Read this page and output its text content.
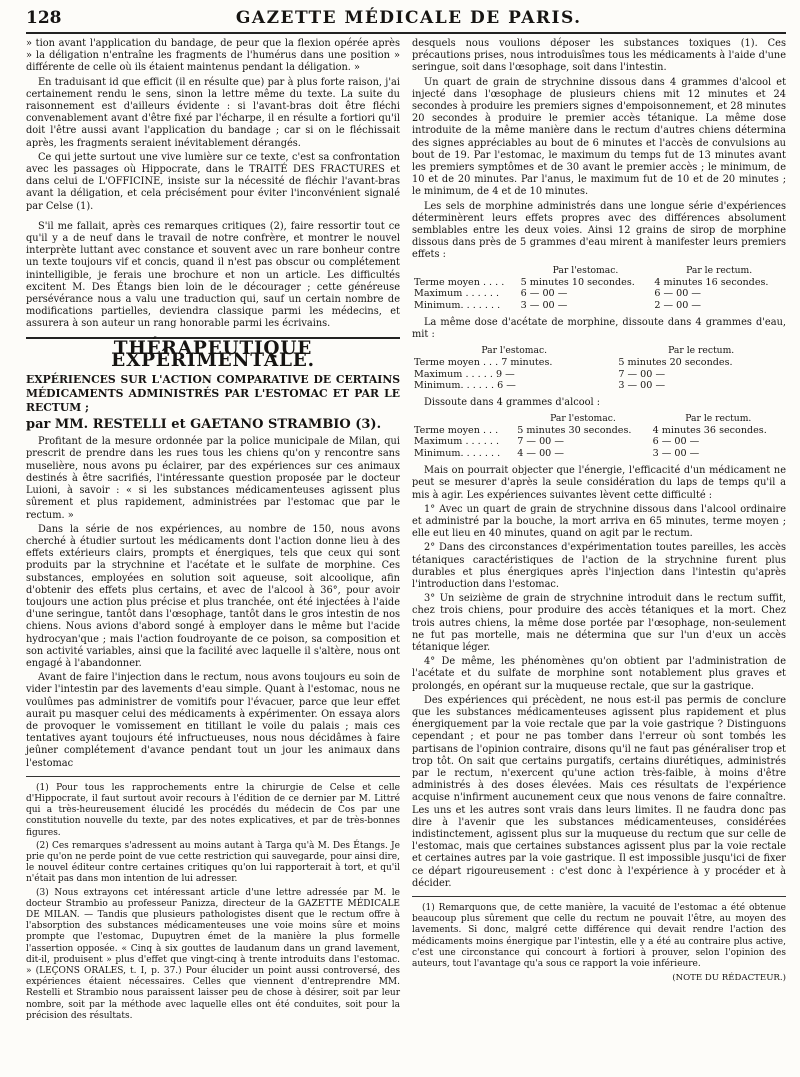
128	GAZETTE MÉDICALE DE PARIS.

» tion avant l'application du bandage, de peur que la flexion opérée après » la déligation n'entraîne les fragments de l'humérus dans une position » différente de celle où ils étaient maintenus pendant la déligation. »

En traduisant id que efficit (il en résulte que) par à plus forte raison, j'ai certainement rendu le sens, sinon la lettre même du texte. La suite du raisonnement est d'ailleurs évidente : si l'avant-bras doit être fléchi convenablement avant d'être fixé par l'écharpe, il en résulte a fortiori qu'il doit l'être aussi avant l'application du bandage ; car si on le fléchissait après, les fragments seraient inévitablement dérangés.

Ce qui jette surtout une vive lumière sur ce texte, c'est sa confrontation avec les passages où Hippocrate, dans le TRAITÉ DES FRACTURES et dans celui de L'OFFICINE, insiste sur la nécessité de fléchir l'avant-bras avant la déligation, et cela précisément pour éviter l'inconvénient signalé par Celse (1).

S'il me fallait, après ces remarques critiques (2), faire ressortir tout ce qu'il y a de neuf dans le travail de notre confrère, et montrer le nouvel interprète luttant avec constance et souvent avec un rare bonheur contre un texte toujours vif et concis, quand il n'est pas obscur ou complétement inintelligible, je ferais une brochure et non un article. Les difficultés excitent M. Des Étangs bien loin de le décourager ; cette généreuse persévérance nous a valu une traduction qui, sauf un certain nombre de modifications partielles, deviendra classique parmi les médecins, et assurera à son auteur un rang honorable parmi les écrivains.

THÉRAPEUTIQUE EXPÉRIMENTALE.
EXPÉRIENCES SUR L'ACTION COMPARATIVE DE CERTAINS MÉDICAMENTS ADMINISTRÉS PAR L'ESTOMAC ET PAR LE RECTUM ;
par MM. RESTELLI et GAETANO STRAMBIO (3).

Profitant de la mesure ordonnée par la police municipale de Milan, qui prescrit de prendre dans les rues tous les chiens qu'on y rencontre sans muselière, nous avons pu éclairer, par des expériences sur ces animaux destinés à être sacrifiés, l'intéressante question proposée par le docteur Luioni, à savoir : « si les substances médicamenteuses agissent plus sûrement et plus rapidement, administrées par l'estomac que par le rectum. »

Dans la série de nos expériences, au nombre de 150, nous avons cherché à étudier surtout les médicaments dont l'action donne lieu à des effets extérieurs clairs, prompts et énergiques, tels que ceux qui sont produits par la strychnine et l'acétate et le sulfate de morphine. Ces substances, employées en solution soit aqueuse, soit alcoolique, afin d'obtenir des effets plus certains, et avec de l'alcool à 36°, pour avoir toujours une action plus précise et plus tranchée, ont été injectées à l'aide d'une seringue, tantôt dans l'œsophage, tantôt dans le gros intestin de nos chiens. Nous avions d'abord songé à employer dans le même but l'acide hydrocyan'que ; mais l'action foudroyante de ce poison, sa composition et son activité variables, ainsi que la facilité avec laquelle il s'altère, nous ont engagé à l'abandonner.

Avant de faire l'injection dans le rectum, nous avons toujours eu soin de vider l'intestin par des lavements d'eau simple. Quant à l'estomac, nous ne voulûmes pas administrer de vomitifs pour l'évacuer, parce que leur effet aurait pu masquer celui des médicaments à expérimenter. On essaya alors de provoquer le vomissement en titillant le voile du palais ; mais ces tentatives ayant toujours été infructueuses, nous nous décidâmes à faire jeûner complétement d'avance pendant tout un jour les animaux dans l'estomac

(1) Pour tous les rapprochements entre la chirurgie de Celse et celle d'Hippocrate, il faut surtout avoir recours à l'édition de ce dernier par M. Littré qui a très-heureusement élucidé les procédés du médecin de Cos par une constitution nouvelle du texte, par des notes explicatives, et par de très-bonnes figures.

(2) Ces remarques s'adressent au moins autant à Targa qu'à M. Des Étangs. Je prie qu'on ne perde point de vue cette restriction qui sauvegarde, pour ainsi dire, le nouvel éditeur contre certaines critiques qu'on lui rapporterait à tort, et qu'il n'était pas dans mon intention de lui adresser.

(3) Nous extrayons cet intéressant article d'une lettre adressée par M. le docteur Strambio au professeur Panizza, directeur de la GAZETTE MÉDICALE DE MILAN. — Tandis que plusieurs pathologistes disent que le rectum offre à l'absorption des substances médicamenteuses une voie moins sûre et moins prompte que l'estomac, Dupuytren émet de la manière la plus formelle l'assertion opposée. « Cinq à six gouttes de laudanum dans un grand lavement, dit-il, produisent » plus d'effet que vingt-cinq à trente introduits dans l'estomac. » (LEÇONS ORALES, t. I, p. 37.) Pour élucider un point aussi controversé, des expériences étaient nécessaires. Celles que viennent d'entreprendre MM. Restelli et Strambio nous paraissent laisser peu de chose à désirer, soit par leur nombre, soit par la méthode avec laquelle elles ont été conduites, soit pour la précision des résultats.

desquels nous voulions déposer les substances toxiques (1). Ces précautions prises, nous introduisîmes tous les médicaments à l'aide d'une seringue, soit dans l'œsophage, soit dans l'intestin.

Un quart de grain de strychnine dissous dans 4 grammes d'alcool et injecté dans l'œsophage de plusieurs chiens mit 12 minutes et 24 secondes à produire les premiers signes d'empoisonnement, et 28 minutes 20 secondes à produire le premier accès tétanique. La même dose introduite de la même manière dans le rectum d'autres chiens détermina des signes appréciables au bout de 6 minutes et l'accès de convulsions au bout de 19. Par l'estomac, le maximum du temps fut de 13 minutes avant les premiers symptômes et de 30 avant le premier accès ; le minimum, de 10 et de 20 minutes. Par l'anus, le maximum fut de 10 et de 20 minutes ; le minimum, de 4 et de 10 minutes.

Les sels de morphine administrés dans une longue série d'expériences déterminèrent leurs effets propres avec des différences absolument semblables entre les deux voies. Ainsi 12 grains de sirop de morphine dissous dans près de 5 grammes d'eau mirent à manifester leurs premiers effets :

	Par l'estomac.	Par le rectum.
Terme moyen . . . .	5 minutes 10 secondes.	4 minutes 16 secondes.
Maximum . . . . . .	6 — 00 —	6 — 00 —
Minimum. . . . . . .	3 — 00 —	2 — 00 —

La même dose d'acétate de morphine, dissoute dans 4 grammes d'eau, mit :

Par l'estomac.	Par le rectum.
Terme moyen . . . 7 minutes.	5 minutes 20 secondes.
Maximum . . . . . 9 —	7 — 00 —
Minimum. . . . . . 6 —	3 — 00 —

Dissoute dans 4 grammes d'alcool :

	Par l'estomac.	Par le rectum.
Terme moyen . . .	5 minutes 30 secondes.	4 minutes 36 secondes.
Maximum . . . . . .	7 — 00 —	6 — 00 —
Minimum. . . . . . .	4 — 00 —	3 — 00 —

Mais on pourrait objecter que l'énergie, l'efficacité d'un médicament ne peut se mesurer d'après la seule considération du laps de temps qu'il a mis à agir. Les expériences suivantes lèvent cette difficulté :

1° Avec un quart de grain de strychnine dissous dans l'alcool ordinaire et administré par la bouche, la mort arriva en 65 minutes, terme moyen ; elle eut lieu en 40 minutes, quand on agit par le rectum.

2° Dans des circonstances d'expérimentation toutes pareilles, les accès tétaniques caractéristiques de l'action de la strychnine furent plus durables et plus énergiques après l'injection dans l'intestin qu'après l'introduction dans l'estomac.

3° Un seizième de grain de strychnine introduit dans le rectum suffit, chez trois chiens, pour produire des accès tétaniques et la mort. Chez trois autres chiens, la même dose portée par l'œsophage, non-seulement ne fut pas mortelle, mais ne détermina que sur l'un d'eux un accès tétanique léger.

4° De même, les phénomènes qu'on obtient par l'administration de l'acétate et du sulfate de morphine sont notablement plus graves et prolongés, en opérant sur la muqueuse rectale, que sur la gastrique.

Des expériences qui précèdent, ne nous est-il pas permis de conclure que les substances médicamenteuses agissent plus rapidement et plus énergiquement par la voie rectale que par la voie gastrique ? Distinguons cependant ; et pour ne pas tomber dans l'erreur où sont tombés les partisans de l'opinion contraire, disons qu'il ne faut pas généraliser trop et trop tôt. On sait que certains purgatifs, certains diurétiques, administrés par le rectum, n'exercent qu'une action très-faible, à moins d'être administrés à des doses élevées. Mais ces résultats de l'expérience acquise n'infirment aucunement ceux que nous venons de faire connaître. Les uns et les autres sont vrais dans leurs limites. Il ne faudra donc pas dire à l'avenir que les substances médicamenteuses, considérées indistinctement, agissent plus sur la muqueuse du rectum que sur celle de l'estomac, mais que certaines substances agissent plus par la voie rectale et certaines autres par la voie gastrique. Il est impossible jusqu'ici de fixer ce départ rigoureusement : c'est donc à l'expérience à y procéder et à décider.

(1) Remarquons que, de cette manière, la vacuité de l'estomac a été obtenue beaucoup plus sûrement que celle du rectum ne pouvait l'être, au moyen des lavements. Si donc, malgré cette différence qui devait rendre l'action des médicaments moins énergique par l'intestin, elle y a été au contraire plus active, c'est une circonstance qui concourt à fortiori à prouver, selon l'opinion des auteurs, tout l'avantage qu'a sous ce rapport la voie inférieure.

(NOTE DU RÉDACTEUR.)
